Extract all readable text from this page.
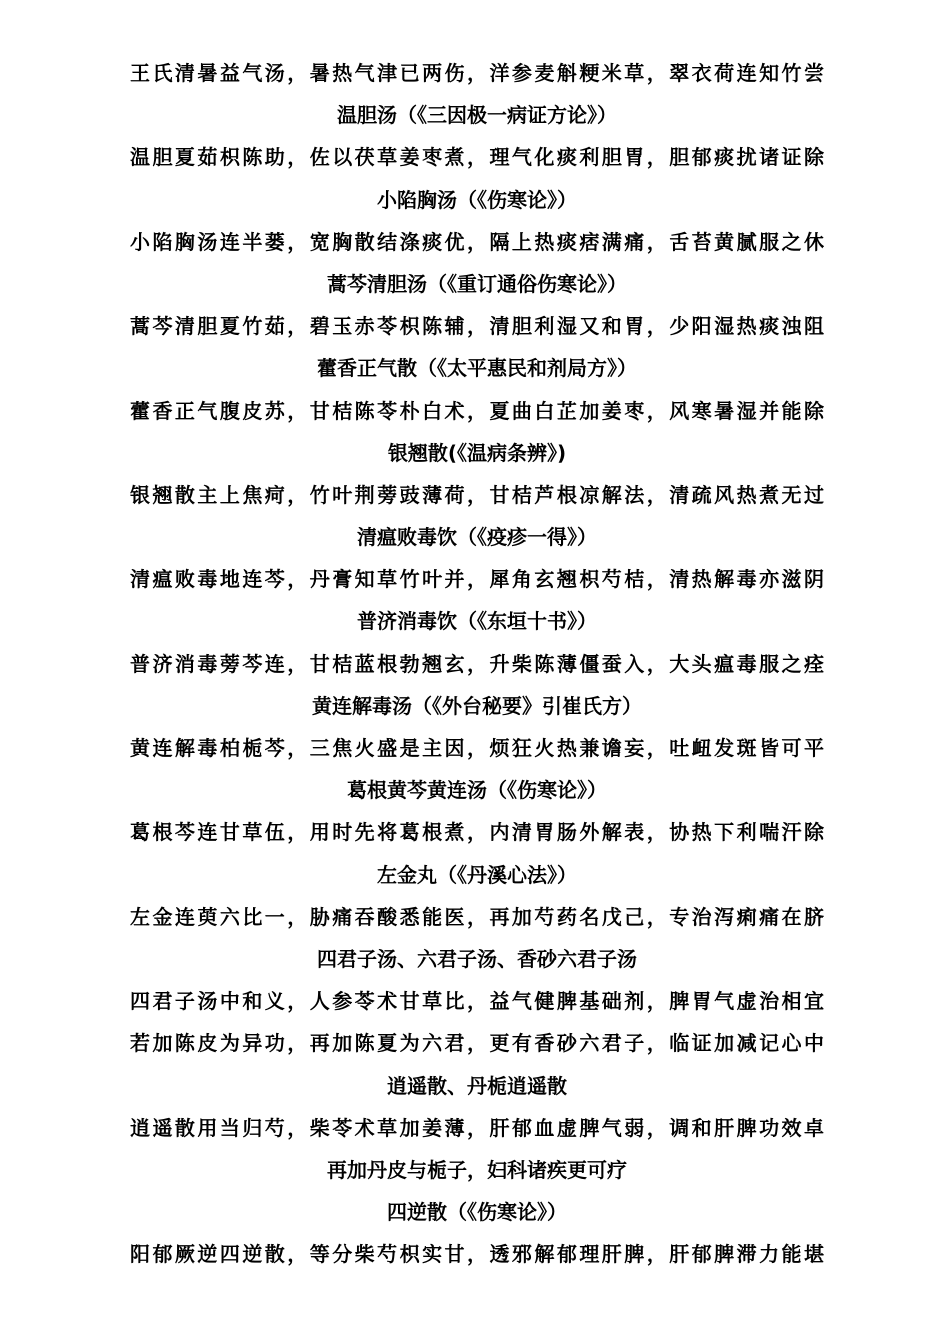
王氏清暑益气汤，暑热气津已两伤，洋参麦斛粳米草，翠衣荷连知竹尝
温胆汤（《三因极一病证方论》）
温胆夏茹枳陈助，佐以茯草姜枣煮，理气化痰利胆胃，胆郁痰扰诸证除
小陷胸汤（《伤寒论》）
小陷胸汤连半蒌，宽胸散结涤痰优，隔上热痰痞满痛，舌苔黄腻服之休
蒿芩清胆汤（《重订通俗伤寒论》）
蒿芩清胆夏竹茹，碧玉赤苓枳陈辅，清胆利湿又和胃，少阳湿热痰浊阻
藿香正气散（《太平惠民和剂局方》）
藿香正气腹皮苏，甘桔陈苓朴白术，夏曲白芷加姜枣，风寒暑湿并能除
银翘散(《温病条辨》)
银翘散主上焦疴，竹叶荆蒡豉薄荷，甘桔芦根凉解法，清疏风热煮无过
清瘟败毒饮（《疫疹一得》）
清瘟败毒地连芩，丹膏知草竹叶并，犀角玄翘枳芍桔，清热解毒亦滋阴
普济消毒饮（《东垣十书》）
普济消毒蒡芩连，甘桔蓝根勃翘玄，升柴陈薄僵蚕入，大头瘟毒服之痊
黄连解毒汤（《外台秘要》引崔氏方）
黄连解毒柏栀芩，三焦火盛是主因，烦狂火热兼谵妄，吐衄发斑皆可平
葛根黄芩黄连汤（《伤寒论》）
葛根芩连甘草伍，用时先将葛根煮，内清胃肠外解表，协热下利喘汗除
左金丸（《丹溪心法》）
左金连萸六比一，胁痛吞酸悉能医，再加芍药名戊己，专治泻痢痛在脐
四君子汤、六君子汤、香砂六君子汤
四君子汤中和义，人参苓术甘草比，益气健脾基础剂，脾胃气虚治相宜
若加陈皮为异功，再加陈夏为六君，更有香砂六君子，临证加减记心中
逍遥散、丹栀逍遥散
逍遥散用当归芍，柴苓术草加姜薄，肝郁血虚脾气弱，调和肝脾功效卓
再加丹皮与栀子，妇科诸疾更可疗
四逆散（《伤寒论》）
阳郁厥逆四逆散，等分柴芍枳实甘，透邪解郁理肝脾，肝郁脾滞力能堪
